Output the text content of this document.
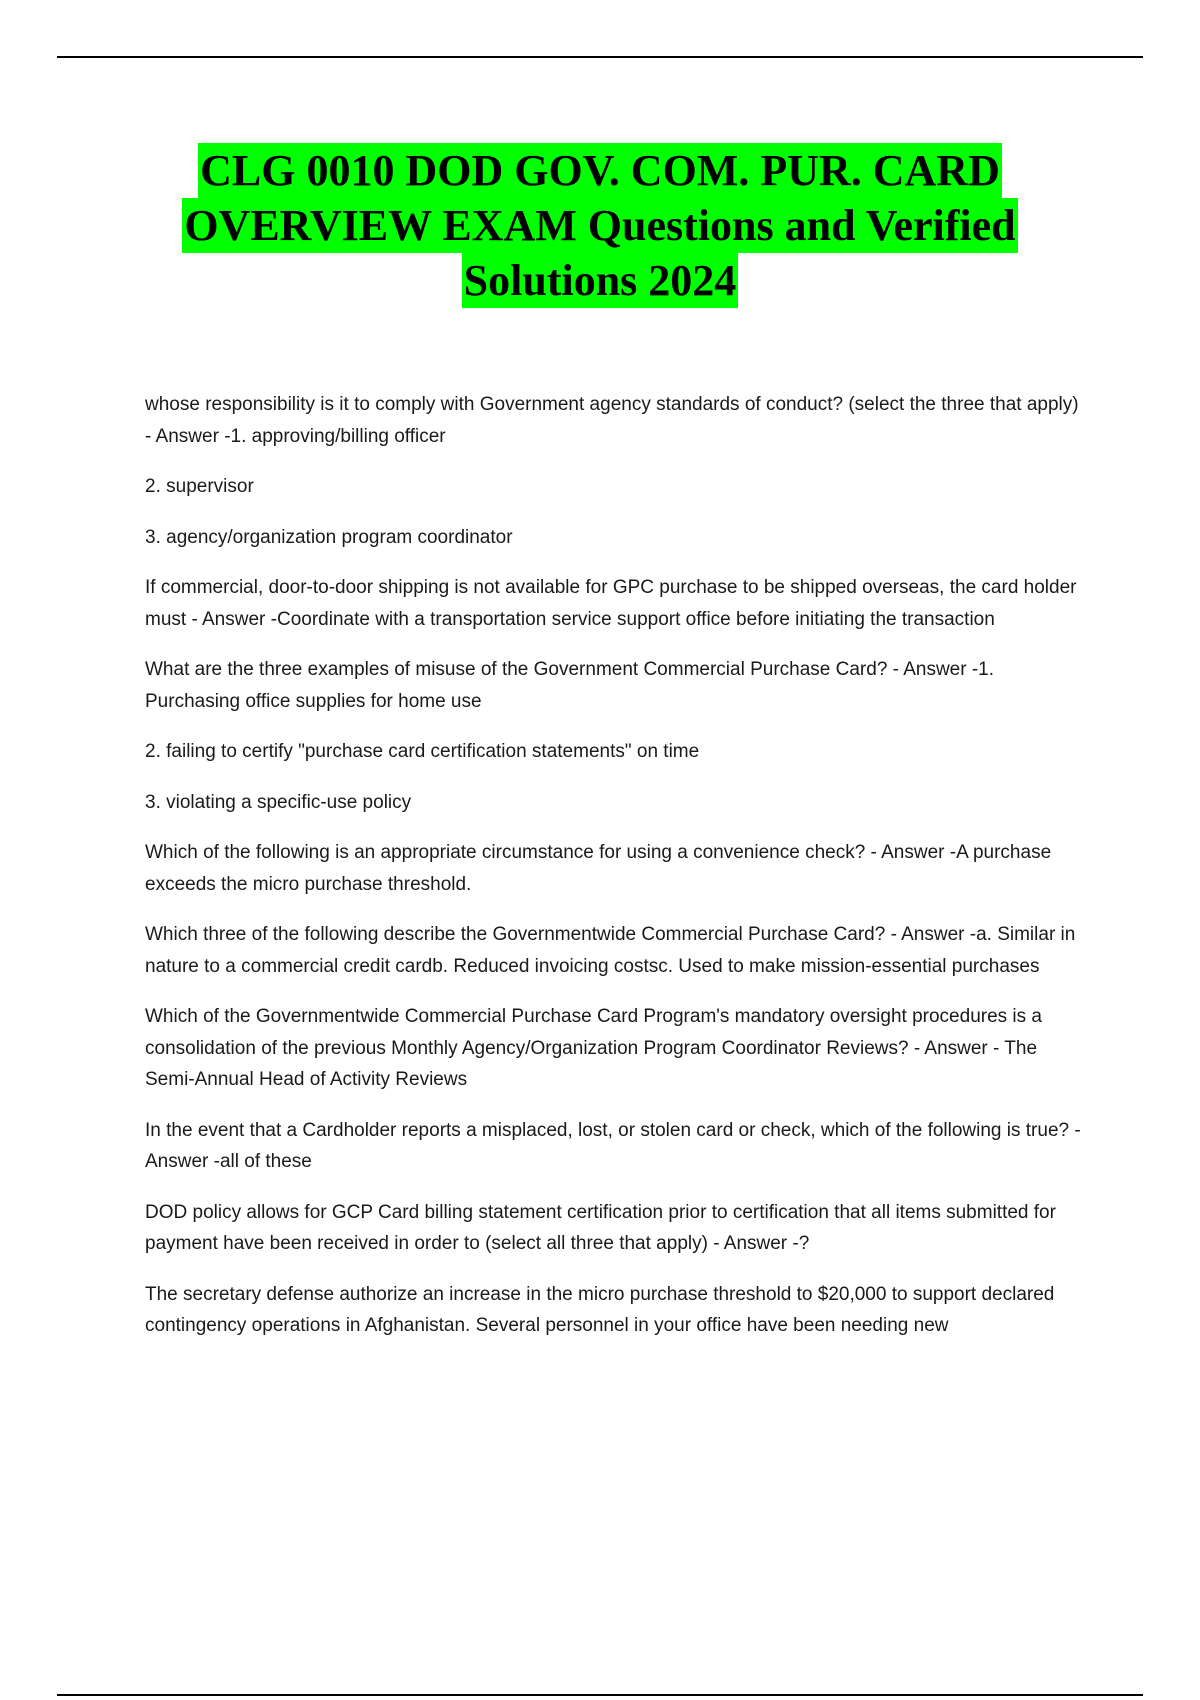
CLG 0010 DOD GOV. COM. PUR. CARD
OVERVIEW EXAM Questions and Verified
Solutions 2024

whose responsibility is it to comply with Government agency standards of conduct? (select the three that apply) - Answer -1. approving/billing officer

2. supervisor

3. agency/organization program coordinator

If commercial, door-to-door shipping is not available for GPC purchase to be shipped overseas, the card holder must - Answer -Coordinate with a transportation service support office before initiating the transaction

What are the three examples of misuse of the Government Commercial Purchase Card? - Answer -1. Purchasing office supplies for home use

2. failing to certify "purchase card certification statements" on time

3. violating a specific-use policy

Which of the following is an appropriate circumstance for using a convenience check? - Answer -A purchase exceeds the micro purchase threshold.

Which three of the following describe the Governmentwide Commercial Purchase Card? - Answer -a. Similar in nature to a commercial credit cardb. Reduced invoicing costsc. Used to make mission-essential purchases

Which of the Governmentwide Commercial Purchase Card Program's mandatory oversight procedures is a consolidation of the previous Monthly Agency/Organization Program Coordinator Reviews? - Answer - The Semi-Annual Head of Activity Reviews

In the event that a Cardholder reports a misplaced, lost, or stolen card or check, which of the following is true? - Answer -all of these

DOD policy allows for GCP Card billing statement certification prior to certification that all items submitted for payment have been received in order to (select all three that apply) - Answer -?

The secretary defense authorize an increase in the micro purchase threshold to $20,000 to support declared contingency operations in Afghanistan. Several personnel in your office have been needing new
